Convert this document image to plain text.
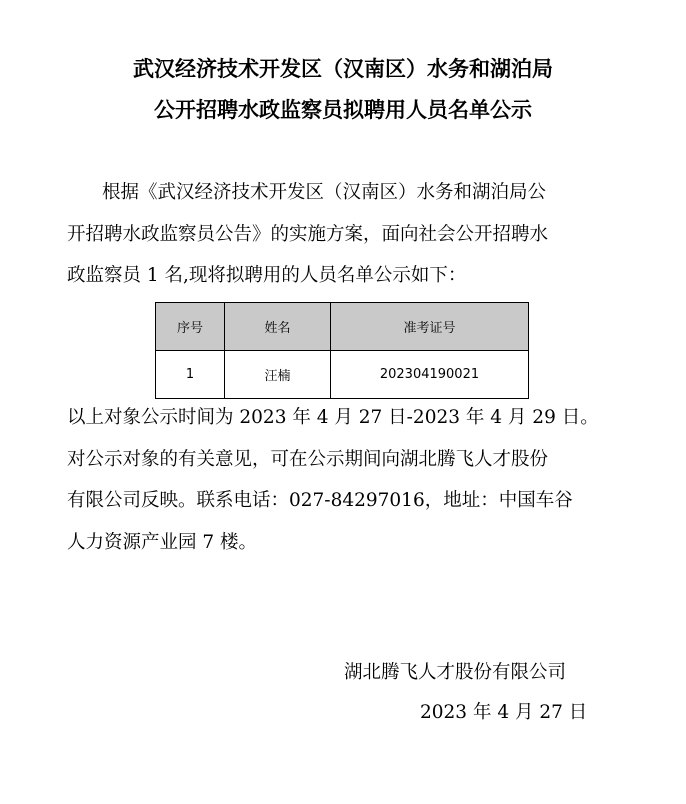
武汉经济技术开发区（汉南区）水务和湖泊局
公开招聘水政监察员拟聘用人员名单公示
根据《武汉经济技术开发区（汉南区）水务和湖泊局公
开招聘水政监察员公告》的实施方案，面向社会公开招聘水
政监察员 1 名,现将拟聘用的人员名单公示如下：
序号	姓名	准考证号
1	汪楠	202304190021
以上对象公示时间为 2023 年 4 月 27 日-2023 年 4 月 29 日。
对公示对象的有关意见，可在公示期间向湖北腾飞人才股份
有限公司反映。联系电话：027-84297016，地址：中国车谷
人力资源产业园 7 楼。

湖北腾飞人才股份有限公司

2023 年 4 月 27 日
